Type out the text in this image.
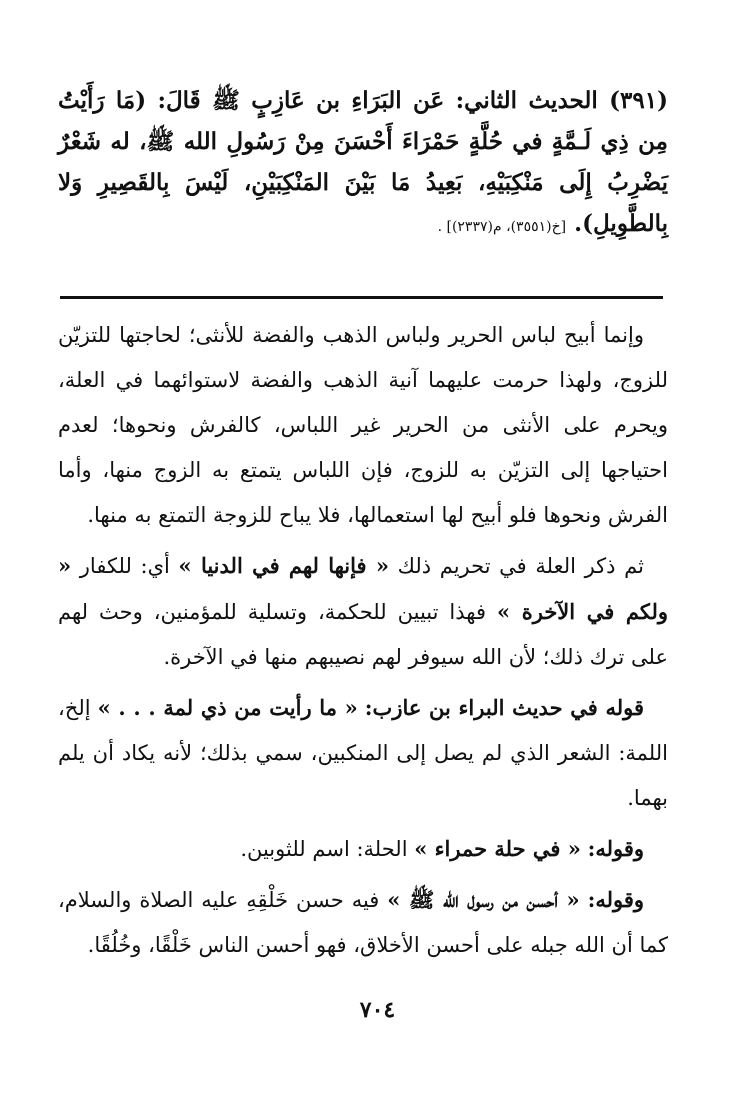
(٣٩١) الحديث الثاني: عَن البَرَاءِ بن عَازِبٍ ﷺ قَالَ: (مَا رَأَيْتُ مِن ذِي لَـمَّةٍ في حُلَّةٍ حَمْرَاءَ أَحْسَنَ مِنْ رَسُولِ الله ﷺ، له شَعْرٌ يَضْرِبُ إِلَى مَنْكِبَيْهِ، بَعِيدُ مَا بَيْنَ المَنْكِبَيْنِ، لَيْسَ بِالقَصِيرِ وَلا بِالطَّوِيلِ). [خ(٣٥٥١)، م(٢٣٣٧)] .

وإنما أبيح لباس الحرير ولباس الذهب والفضة للأنثى؛ لحاجتها للتزيّن للزوج، ولهذا حرمت عليهما آنية الذهب والفضة لاستوائهما في العلة، ويحرم على الأنثى من الحرير غير اللباس، كالفرش ونحوها؛ لعدم احتياجها إلى التزيّن به للزوج، فإن اللباس يتمتع به الزوج منها، وأما الفرش ونحوها فلو أبيح لها استعمالها، فلا يباح للزوجة التمتع به منها.

ثم ذكر العلة في تحريم ذلك « فإنها لهم في الدنيا » أي: للكفار « ولكم في الآخرة » فهذا تبيين للحكمة، وتسلية للمؤمنين، وحث لهم على ترك ذلك؛ لأن الله سيوفر لهم نصيبهم منها في الآخرة.

قوله في حديث البراء بن عازب: « ما رأيت من ذي لمة . . . » إلخ، اللمة: الشعر الذي لم يصل إلى المنكبين، سمي بذلك؛ لأنه يكاد أن يلم بهما.

وقوله: « في حلة حمراء » الحلة: اسم للثوبين.

وقوله: « أحسن من رسول الله ﷺ » فيه حسن خَلْقِهِ عليه الصلاة والسلام، كما أن الله جبله على أحسن الأخلاق، فهو أحسن الناس خَلْقًا، وخُلُقًا.

٧٠٤
